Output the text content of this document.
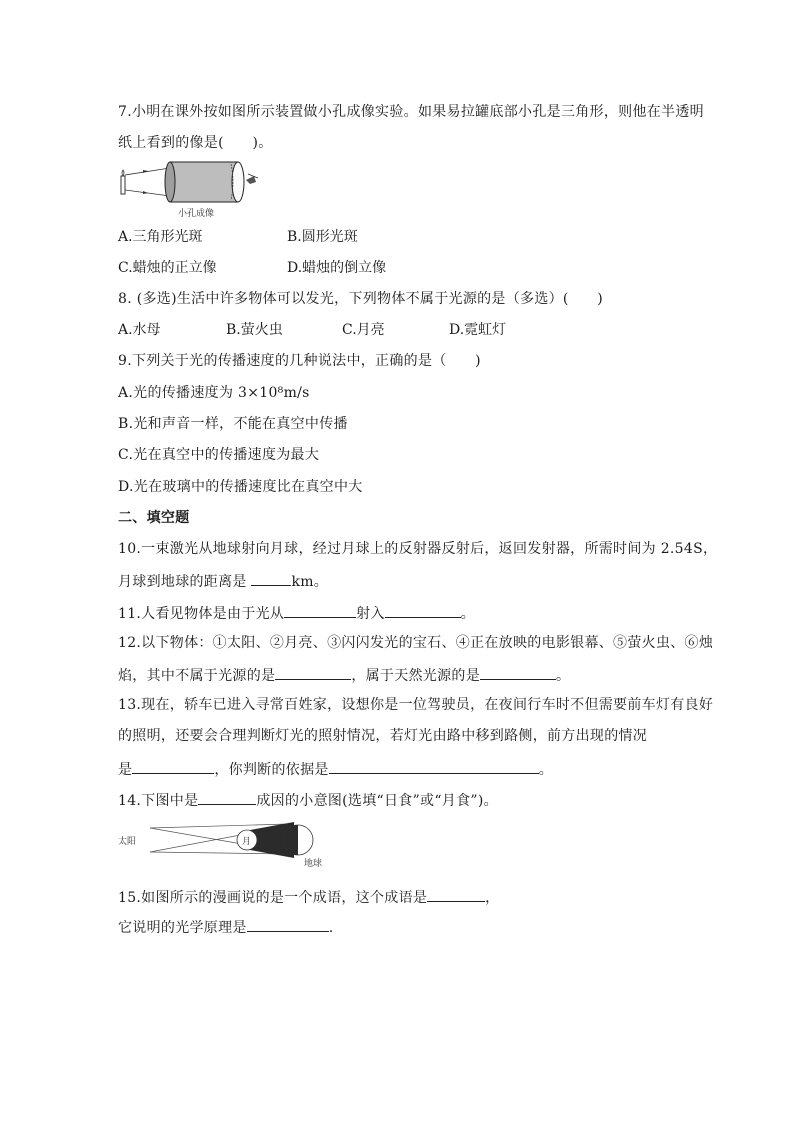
7.小明在课外按如图所示装置做小孔成像实验。如果易拉罐底部小孔是三角形，则他在半透明
纸上看到的像是(　　)。
小孔成像
A.三角形光斑	B.圆形光斑
C.蜡烛的正立像	D.蜡烛的倒立像
8. (多选)生活中许多物体可以发光，下列物体不属于光源的是（多选）(　　)
A.水母	B.萤火虫	C.月亮	D.霓虹灯
9.下列关于光的传播速度的几种说法中，正确的是（　　)
A.光的传播速度为 3×10⁸m/s
B.光和声音一样，不能在真空中传播
C.光在真空中的传播速度为最大
D.光在玻璃中的传播速度比在真空中大
二、填空题
10.一束激光从地球射向月球，经过月球上的反射器反射后，返回发射器，所需时间为 2.54S，
月球到地球的距离是	km。
11.人看见物体是由于光从	射入	。
12.以下物体：①太阳、②月亮、③闪闪发光的宝石、④正在放映的电影银幕、⑤萤火虫、⑥烛
焰，其中不属于光源的是	，属于天然光源的是	。
13.现在，轿车已进入寻常百姓家，设想你是一位驾驶员，在夜间行车时不但需要前车灯有良好
的照明，还要会合理判断灯光的照射情况，若灯光由路中移到路侧，前方出现的情况
是	，你判断的依据是	。
14.下图中是	成因的小意图(选填“日食”或“月食”)。
太阳	月
地球
15.如图所示的漫画说的是一个成语，这个成语是	，
它说明的光学原理是	.
